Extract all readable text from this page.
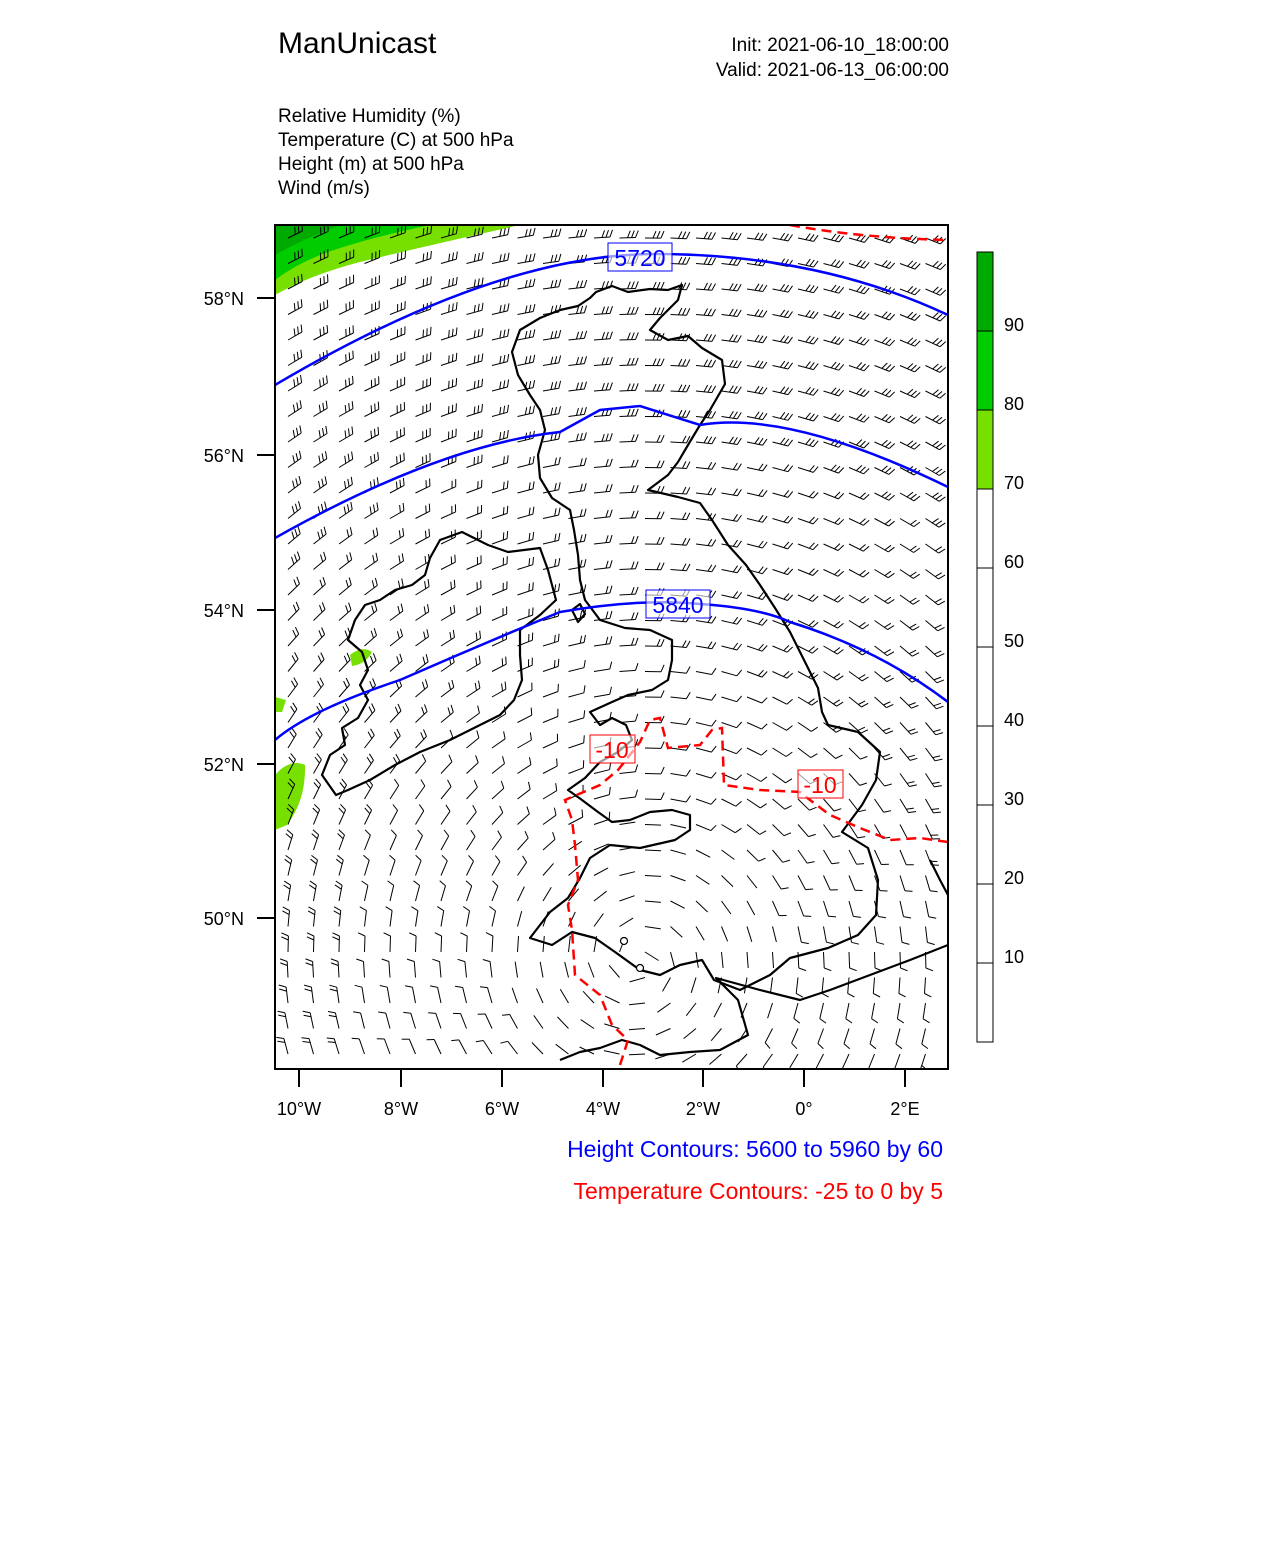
ManUnicast	Init: 2021-06-10_18:00:00
Valid: 2021-06-13_06:00:00
Relative Humidity (%)
Temperature (C) at 500 hPa
Height (m) at 500 hPa
Wind (m/s)
5720
5840
-10
-10
58°N
56°N
54°N
52°N
50°N
10°W	8°W	6°W	4°W	2°W	0°	2°E
10
20
30
40
50
60
70
80
90
Height Contours: 5600 to 5960 by 60
Temperature Contours: -25 to 0 by 5
